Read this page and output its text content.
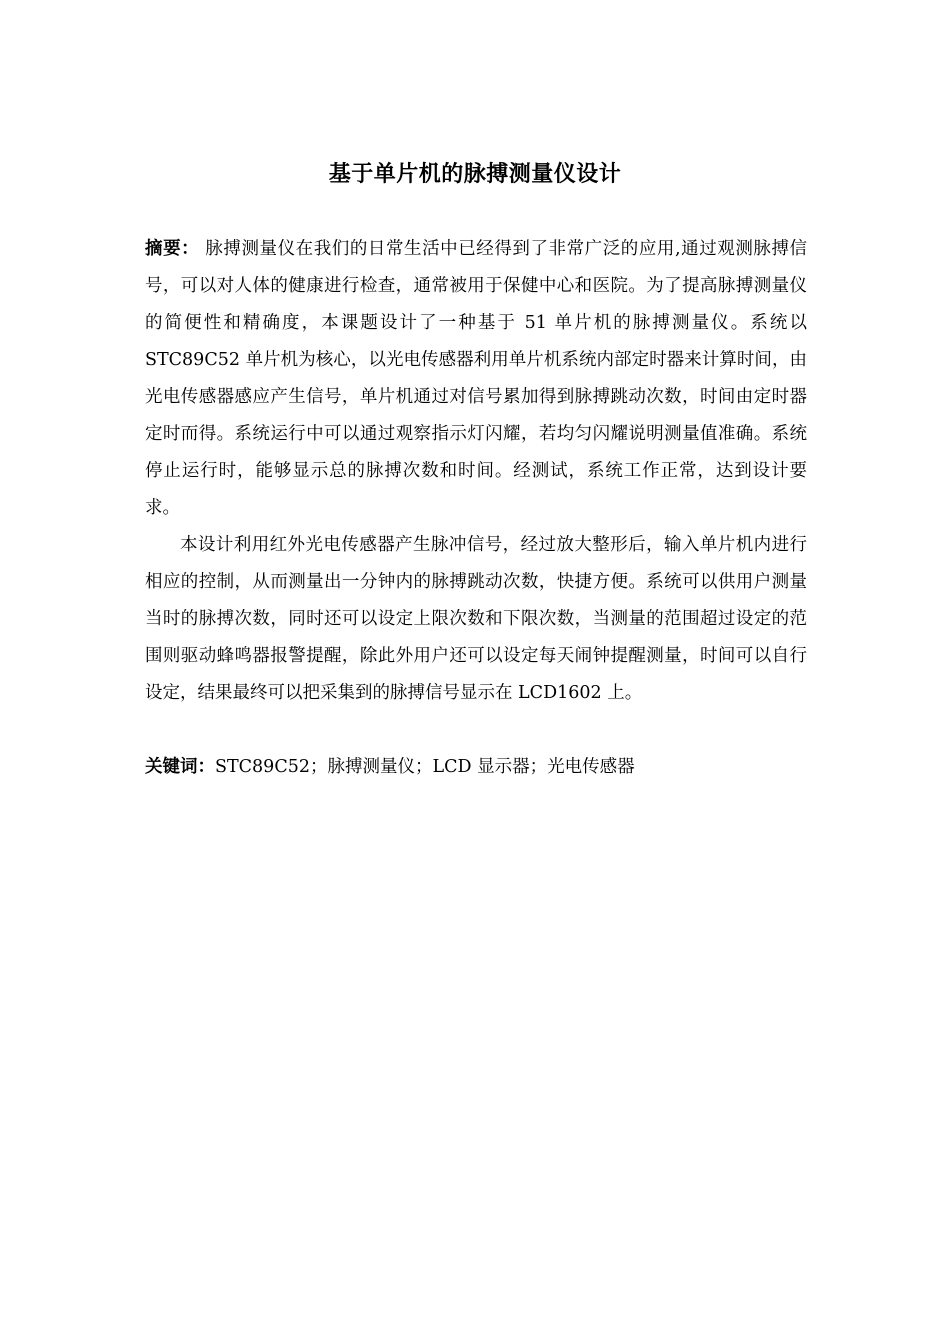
基于单片机的脉搏测量仪设计
摘要： 脉搏测量仪在我们的日常生活中已经得到了非常广泛的应用,通过观测脉搏信号，可以对人体的健康进行检查，通常被用于保健中心和医院。为了提高脉搏测量仪的简便性和精确度，本课题设计了一种基于 51 单片机的脉搏测量仪。系统以 STC89C52 单片机为核心，以光电传感器利用单片机系统内部定时器来计算时间，由光电传感器感应产生信号，单片机通过对信号累加得到脉搏跳动次数，时间由定时器定时而得。系统运行中可以通过观察指示灯闪耀，若均匀闪耀说明测量值准确。系统停止运行时，能够显示总的脉搏次数和时间。经测试，系统工作正常，达到设计要求。
本设计利用红外光电传感器产生脉冲信号，经过放大整形后，输入单片机内进行相应的控制，从而测量出一分钟内的脉搏跳动次数，快捷方便。系统可以供用户测量当时的脉搏次数，同时还可以设定上限次数和下限次数，当测量的范围超过设定的范围则驱动蜂鸣器报警提醒，除此外用户还可以设定每天闹钟提醒测量，时间可以自行设定，结果最终可以把采集到的脉搏信号显示在 LCD1602 上。
关键词：STC89C52；脉搏测量仪；LCD 显示器；光电传感器
